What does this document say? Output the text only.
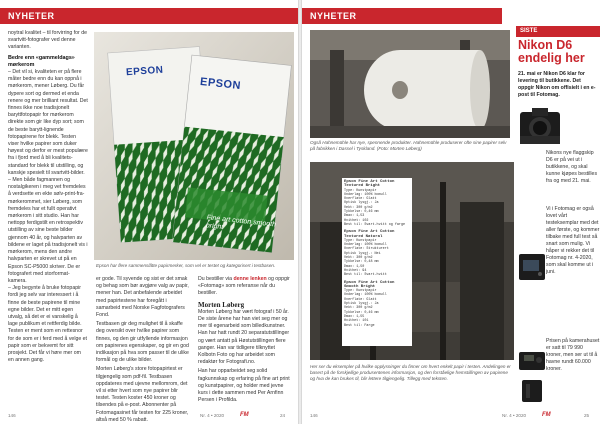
NYHETER

noytral kvalitet – til forvirring for de svartvitt-fotografer ved denne varianten.

Bedre enn «gammeldags» mørkerom

– Det vil si, kvaliteten er på flere måter bedre enn du kan oppnå i mørkerom, mener Løberg. Du får dypere sort og dermed et enda renere og mer brilliant resultat. Det finnes ikke noe tradisjonelt baryttfotopapir for mørkerom direkte som gir like dyp sort; som de beste barytt-lignende fotopapirene for blekk. Testen viser hvilke papirer som duker høyest og derfor er mest populære fra i fjord med å bli kvalitets-standard for blekk til utstilling, og kanskje spesielt til svartvitt-bilder.

– Men både fagmannen og nostalgikeren i meg vet fremdeles å verdsette en ekte sølv-print-fra-mørkerommet, sier Løberg, som fremdeles har et fullt operativt mørkerom i sitt studio. Han har nettopp ferdigstilt en retrospektiv utstilling av sine beste bilder gjennom 40 år, og halvparten av bildene er laget på tradisjonelt vis i mørkerom, mens den andre halvparten er skrevet ut på en Epson SC-P5000 skriver. De er fotografert med storformat-kamera.

– Jeg begynte å bruke fotopapir fordi jeg selv var interessert i å finne de beste papirene til mine egne bilder. Det er mitt egen utvalg, så det er ei vanskelig å lage publikum et rettferdig bilde. Testen er ment som en rettesnor for de som er i ferd med å velge et papir som er bekvemt for sitt prosjekt. Det får vi høre mer om en annen gang.

EPSON
EPSON
Fine art cotton smooth bright
Epson har flere sammenslåtte papirmerker, som vel er testet og kategorisert i testbasen.

er gode. Til syvende og sist er det smak og behag som bør avgjøre valg av papir, mener han. Det anbefalende arbeidet med papirtestene har foregått i samarbeid med Norske Fagfotografers Fond.

Testbasen gir deg mulighet til å skaffe deg oversikt over hvilke papirer som finnes, og den gir utfyllende informasjon om papirenes egenskaper, og gir en god indikasjon på hva som passer til de ulike formål og de ulike bilder.

Morten Løberg's store fotopapirtest er tilgjengelig som pdf-fil. Testbasen oppdateres med ujevne mellomrom, det vil si etter hvert som nye papirer blir testet. Testen koster 450 kroner og tilsendes på e-post. Abonnenter på Fotomagasinet får testen for 225 kroner, altså med 50 % rabatt.

Du bestiller via denne lenken og oppgir «Fotomag» som referanse når du bestiller.

Morten Løberg

Morten Løberg har vært fotograf i 50 år. De siste årene har han viet seg mer og mer til egenarbeid som billedkunstner. Han har hatt rundt 20 separatutstillinger og vært antatt på Høstutstillingen flere ganger. Han var tidligere tilknyttet Kolbotn Foto og har arbeidet som redaktør for Fotografi.no.

Han har opparbeidet seg solid fagkunnskap og erfaring på fine art print og kunstpapirer, og holder med jevne kurs i dette sammen med Per Arnfinn Persen i Profilda.

146	Nr. 4 • 2020	FM	24
NYHETER
Også Hahnemühle har nye, spennende produkter. Hahnemühle produserer ofte sine papirer selv på fabrikken i Dassel i Tyskland. (Foto: Morten Løberg)
Epson Fine Art Cotton Textured Bright
Type: Kunstpapir
Underlag: 100% bomull
Overflate: Glatt
Optisk lysgj.: Ja
Vekt: 300 g/m2
Tykkelse: 0,46 mm
Dmax: 1,53
Hvithet: 102
Best til: Svart-hvitt og farge
Epson Fine Art Cotton Textured Natural
Type: Kunstpapir
Underlag: 100% bomull
Overflate: Strukturert
Optisk lysgj.: Nei
Vekt: 300 g/m2
Tykkelse: 0,48 mm
Dmax: 1,50
Hvithet: 94
Best til: Svart-hvitt
Epson Fine Art Cotton Smooth Bright
Type: Kunstpapir
Underlag: 100% bomull
Overflate: Glatt
Optisk lysgj.: Ja
Vekt: 300 g/m2
Tykkelse: 0,46 mm
Dmax: 1,55
Hvithet: 101
Best til: Farge
Her ser du eksempler på hvilke opplysninger du finner om hvert enkelt papir i testen. Andelingen er basert på de forskjellige produsentenes informasjon, og den forståelige fremstillingen av papirene og hva de kan brukes til, blir lettere tilgjengelig. Tillegg med teksten.
SISTE
Nikon D6 endelig her
21. mai er Nikon D6 klar for levering til butikkene. Det oppgir Nikon om offisielt i en e-post til Fotomag.
Nikons nye flaggskip D6 er på vei ut i butikkene, og skal kunne kjøpes bestilles fra og med 21. mai.
Vi i Fotomag er også lovet vårt testeksemplar med det aller første, og kommer tilbake med full test så snart som mulig. Vi håper vi rekker det til Fotomag nr. 4-2020, som skal komme ut i juni.
Prisen på kamerahuset er satt til 79 990 kroner, men ser ut til å havne rundt 60.000 kroner.
146	Nr. 4 • 2020	FM	25
